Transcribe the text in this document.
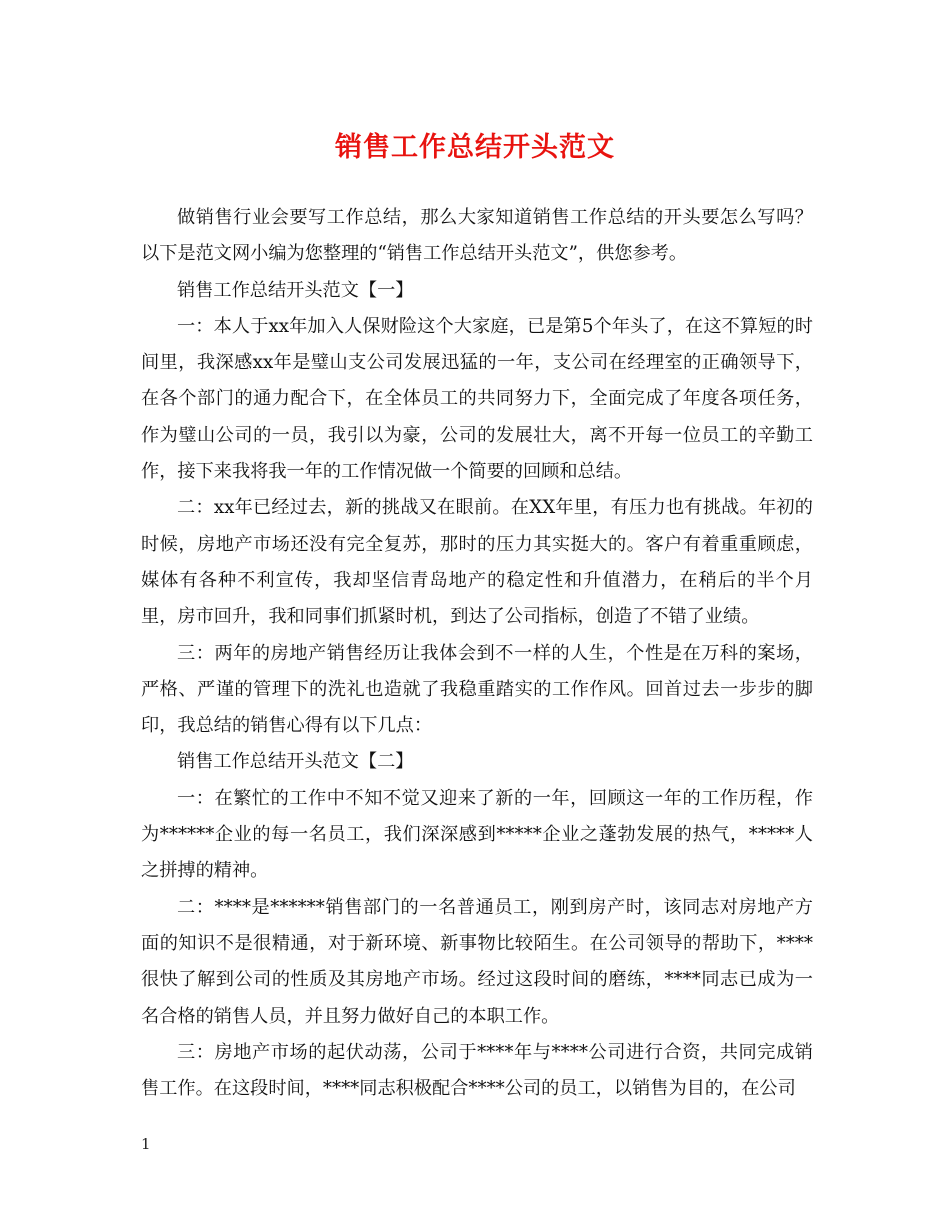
销售工作总结开头范文

做销售行业会要写工作总结，那么大家知道销售工作总结的开头要怎么写吗？以下是范文网小编为您整理的“销售工作总结开头范文”，供您参考。

销售工作总结开头范文【一】

一：本人于xx年加入人保财险这个大家庭，已是第5个年头了，在这不算短的时间里，我深感xx年是璧山支公司发展迅猛的一年，支公司在经理室的正确领导下，在各个部门的通力配合下，在全体员工的共同努力下，全面完成了年度各项任务，作为璧山公司的一员，我引以为豪，公司的发展壮大，离不开每一位员工的辛勤工作，接下来我将我一年的工作情况做一个简要的回顾和总结。

二：xx年已经过去，新的挑战又在眼前。在XX年里，有压力也有挑战。年初的时候，房地产市场还没有完全复苏，那时的压力其实挺大的。客户有着重重顾虑，媒体有各种不利宣传，我却坚信青岛地产的稳定性和升值潜力，在稍后的半个月里，房市回升，我和同事们抓紧时机，到达了公司指标，创造了不错了业绩。

三：两年的房地产销售经历让我体会到不一样的人生，个性是在万科的案场，严格、严谨的管理下的洗礼也造就了我稳重踏实的工作作风。回首过去一步步的脚印，我总结的销售心得有以下几点：

销售工作总结开头范文【二】

一：在繁忙的工作中不知不觉又迎来了新的一年，回顾这一年的工作历程，作为******企业的每一名员工，我们深深感到*****企业之蓬勃发展的热气，*****人之拼搏的精神。

二：****是******销售部门的一名普通员工，刚到房产时，该同志对房地产方面的知识不是很精通，对于新环境、新事物比较陌生。在公司领导的帮助下，****很快了解到公司的性质及其房地产市场。经过这段时间的磨练，****同志已成为一名合格的销售人员，并且努力做好自己的本职工作。

三：房地产市场的起伏动荡，公司于****年与****公司进行合资，共同完成销售工作。在这段时间，****同志积极配合****公司的员工，以销售为目的，在公司

1
